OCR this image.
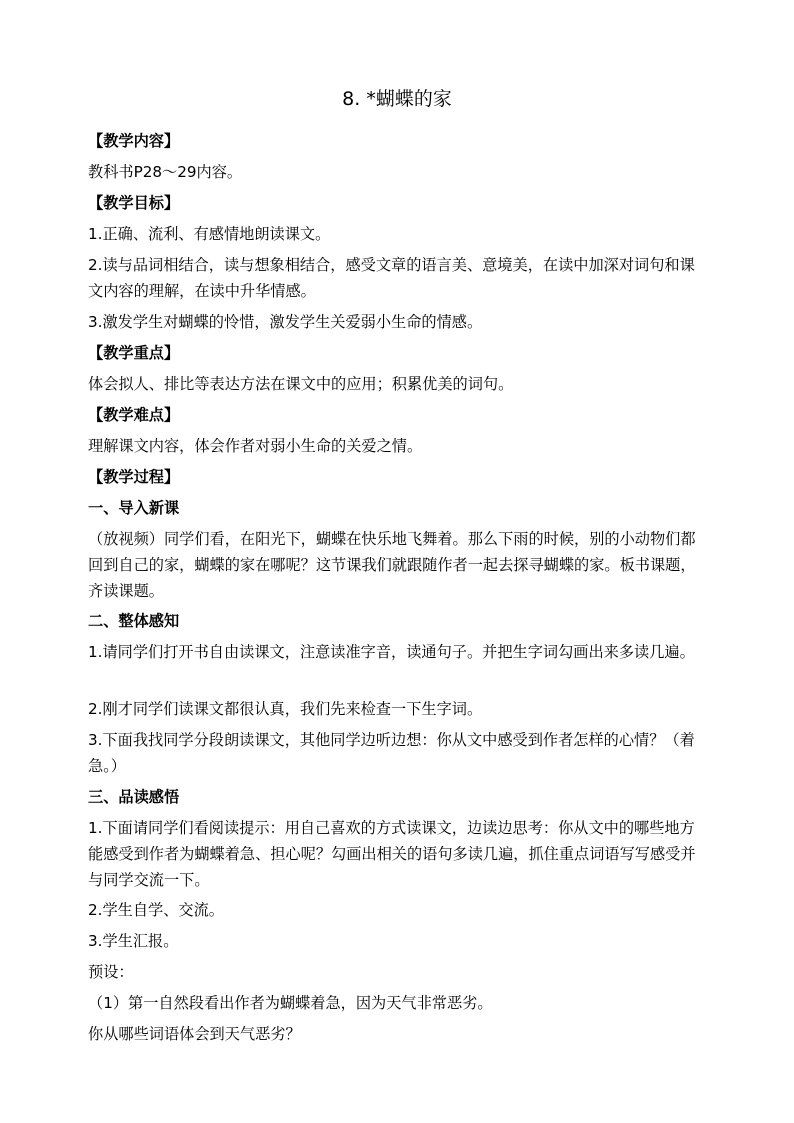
8. *蝴蝶的家
【教学内容】
教科书P28～29内容。
【教学目标】
1.正确、流利、有感情地朗读课文。
2.读与品词相结合，读与想象相结合，感受文章的语言美、意境美，在读中加深对词句和课文内容的理解，在读中升华情感。
3.激发学生对蝴蝶的怜惜，激发学生关爱弱小生命的情感。
【教学重点】
体会拟人、排比等表达方法在课文中的应用；积累优美的词句。
【教学难点】
理解课文内容，体会作者对弱小生命的关爱之情。
【教学过程】
一、导入新课
（放视频）同学们看，在阳光下，蝴蝶在快乐地飞舞着。那么下雨的时候，别的小动物们都回到自己的家，蝴蝶的家在哪呢？这节课我们就跟随作者一起去探寻蝴蝶的家。板书课题，齐读课题。
二、整体感知
1.请同学们打开书自由读课文，注意读准字音，读通句子。并把生字词勾画出来多读几遍。
2.刚才同学们读课文都很认真，我们先来检查一下生字词。
3.下面我找同学分段朗读课文，其他同学边听边想：你从文中感受到作者怎样的心情？（着急。）
三、品读感悟
1.下面请同学们看阅读提示：用自己喜欢的方式读课文，边读边思考：你从文中的哪些地方能感受到作者为蝴蝶着急、担心呢？勾画出相关的语句多读几遍，抓住重点词语写写感受并与同学交流一下。
2.学生自学、交流。
3.学生汇报。
预设：
（1）第一自然段看出作者为蝴蝶着急，因为天气非常恶劣。
你从哪些词语体会到天气恶劣？
